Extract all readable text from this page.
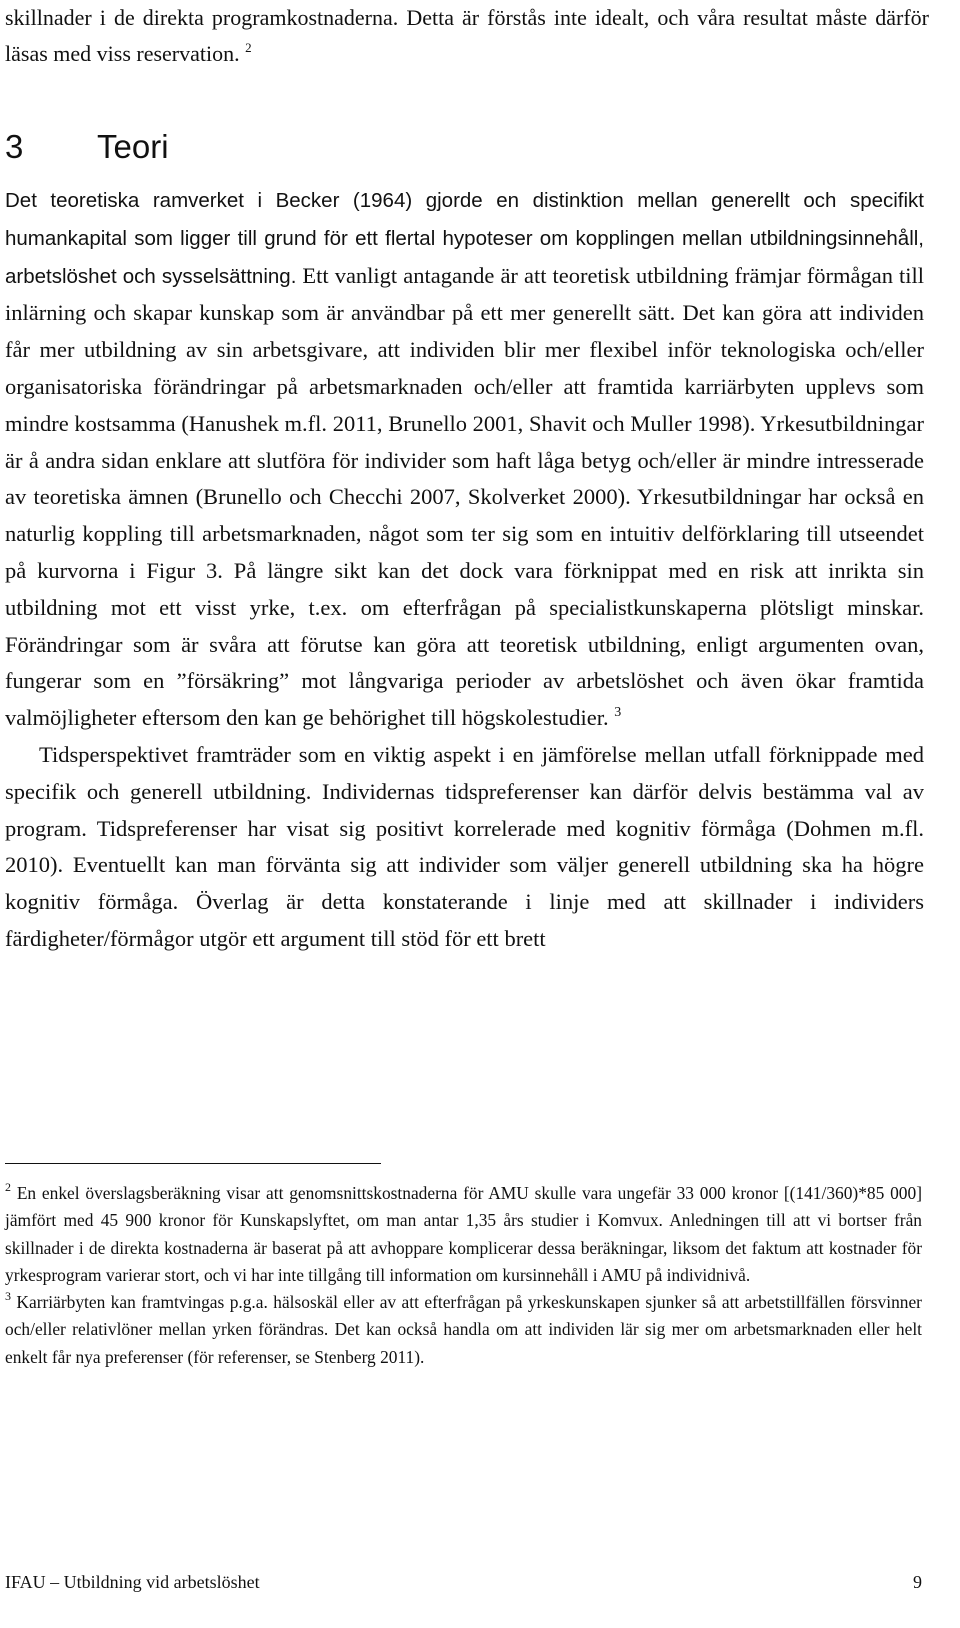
skillnader i de direkta programkostnaderna. Detta är förstås inte idealt, och våra resultat måste därför läsas med viss reservation. $^2$

3 Teori

Det teoretiska ramverket i Becker (1964) gjorde en distinktion mellan generellt och specifikt humankapital som ligger till grund för ett flertal hypoteser om kopplingen mellan utbildningsinnehåll, arbetslöshet och sysselsättning. Ett vanligt antagande är att teoretisk utbildning främjar förmågan till inlärning och skapar kunskap som är användbar på ett mer generellt sätt. Det kan göra att individen får mer utbildning av sin arbetsgivare, att individen blir mer flexibel inför teknologiska och/eller organisatoriska förändringar på arbetsmarknaden och/eller att framtida karriärbyten upplevs som mindre kostsamma (Hanushek m.fl. 2011, Brunello 2001, Shavit och Muller 1998). Yrkesutbildningar är å andra sidan enklare att slutföra för individer som haft låga betyg och/eller är mindre intresserade av teoretiska ämnen (Brunello och Checchi 2007, Skolverket 2000). Yrkesutbildningar har också en naturlig koppling till arbetsmarknaden, något som ter sig som en intuitiv delförklaring till utseendet på kurvorna i Figur 3. På längre sikt kan det dock vara förknippat med en risk att inrikta sin utbildning mot ett visst yrke, t.ex. om efterfrågan på specialistkunskaperna plötsligt minskar. Förändringar som är svåra att förutse kan göra att teoretisk utbildning, enligt argumenten ovan, fungerar som en ”försäkring” mot långvariga perioder av arbetslöshet och även ökar framtida valmöjligheter eftersom den kan ge behörighet till högskolestudier. $^3$

Tidsperspektivet framträder som en viktig aspekt i en jämförelse mellan utfall förknippade med specifik och generell utbildning. Individernas tidspreferenser kan därför delvis bestämma val av program. Tidspreferenser har visat sig positivt korrelerade med kognitiv förmåga (Dohmen m.fl. 2010). Eventuellt kan man förvänta sig att individer som väljer generell utbildning ska ha högre kognitiv förmåga. Överlag är detta konstaterande i linje med att skillnader i individers färdigheter/förmågor utgör ett argument till stöd för ett brett

$^2$ En enkel överslagsberäkning visar att genomsnittskostnaderna för AMU skulle vara ungefär 33 000 kronor [(141/360)*85 000] jämfört med 45 900 kronor för Kunskapslyftet, om man antar 1,35 års studier i Komvux. Anledningen till att vi bortser från skillnader i de direkta kostnaderna är baserat på att avhoppare komplicerar dessa beräkningar, liksom det faktum att kostnader för yrkesprogram varierar stort, och vi har inte tillgång till information om kursinnehåll i AMU på individnivå.

$^3$ Karriärbyten kan framtvingas p.g.a. hälsoskäl eller av att efterfrågan på yrkeskunskapen sjunker så att arbetstillfällen försvinner och/eller relativlöner mellan yrken förändras. Det kan också handla om att individen lär sig mer om arbetsmarknaden eller helt enkelt får nya preferenser (för referenser, se Stenberg 2011).

IFAU – Utbildning vid arbetslöshet	9
